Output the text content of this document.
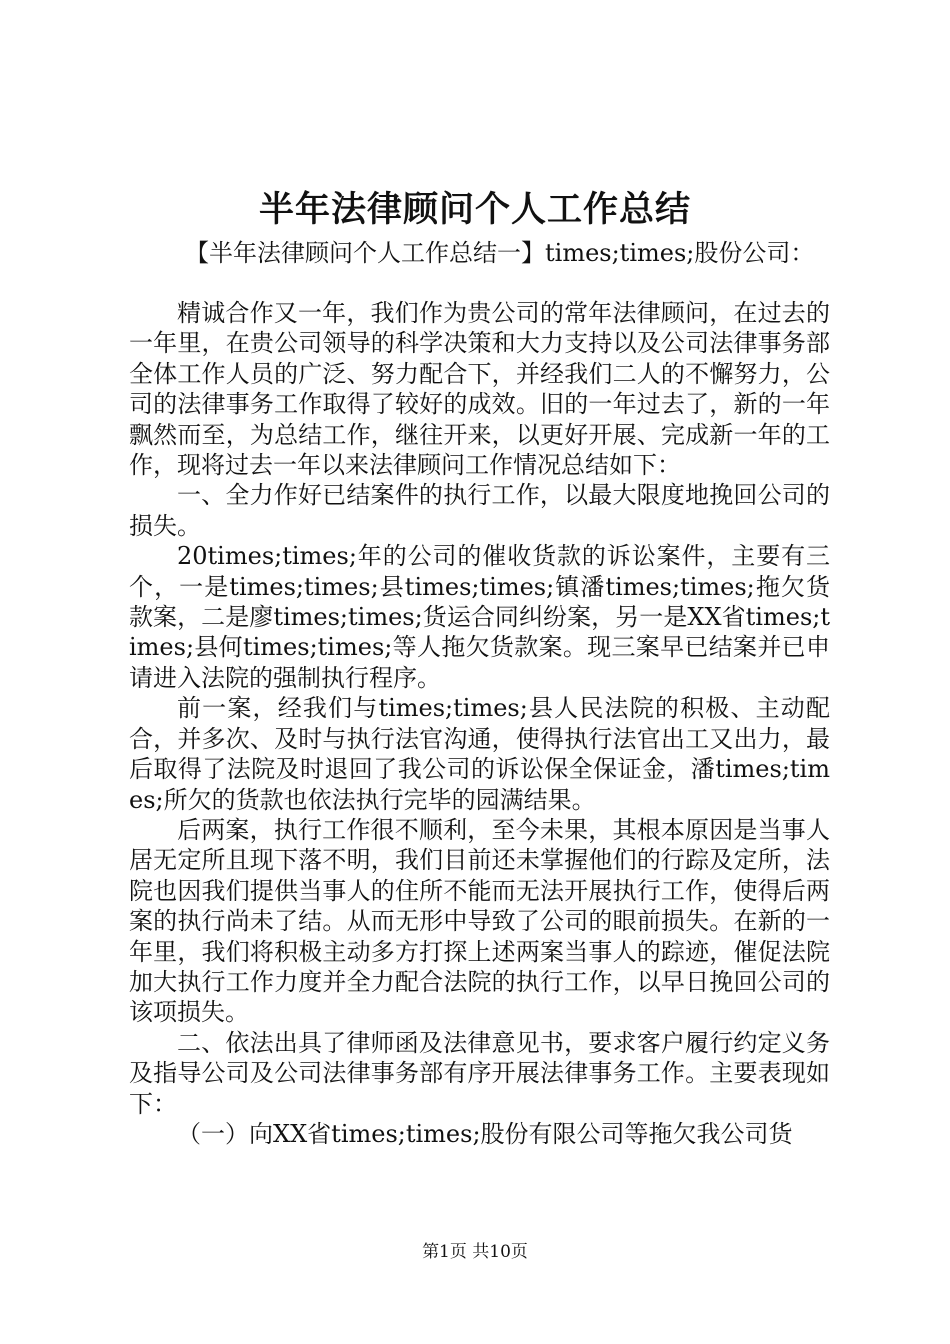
半年法律顾问个人工作总结
【半年法律顾问个人工作总结一】times;times;股份公司：

精诚合作又一年，我们作为贵公司的常年法律顾问，在过去的一年里，在贵公司领导的科学决策和大力支持以及公司法律事务部全体工作人员的广泛、努力配合下，并经我们二人的不懈努力，公司的法律事务工作取得了较好的成效。旧的一年过去了，新的一年飘然而至，为总结工作，继往开来，以更好开展、完成新一年的工作，现将过去一年以来法律顾问工作情况总结如下：

一、全力作好已结案件的执行工作，以最大限度地挽回公司的损失。

20times;times;年的公司的催收货款的诉讼案件，主要有三个，一是times;times;县times;times;镇潘times;times;拖欠货款案，二是廖times;times;货运合同纠纷案，另一是XX省times;times;县何times;times;等人拖欠货款案。现三案早已结案并已申请进入法院的强制执行程序。

前一案，经我们与times;times;县人民法院的积极、主动配合，并多次、及时与执行法官沟通，使得执行法官出工又出力，最后取得了法院及时退回了我公司的诉讼保全保证金，潘times;times;所欠的货款也依法执行完毕的园满结果。

后两案，执行工作很不顺利，至今未果，其根本原因是当事人居无定所且现下落不明，我们目前还未掌握他们的行踪及定所，法院也因我们提供当事人的住所不能而无法开展执行工作，使得后两案的执行尚未了结。从而无形中导致了公司的眼前损失。在新的一年里，我们将积极主动多方打探上述两案当事人的踪迹，催促法院加大执行工作力度并全力配合法院的执行工作，以早日挽回公司的该项损失。

二、依法出具了律师函及法律意见书，要求客户履行约定义务及指导公司及公司法律事务部有序开展法律事务工作。主要表现如下：

（一）向XX省times;times;股份有限公司等拖欠我公司货

第1页 共10页
